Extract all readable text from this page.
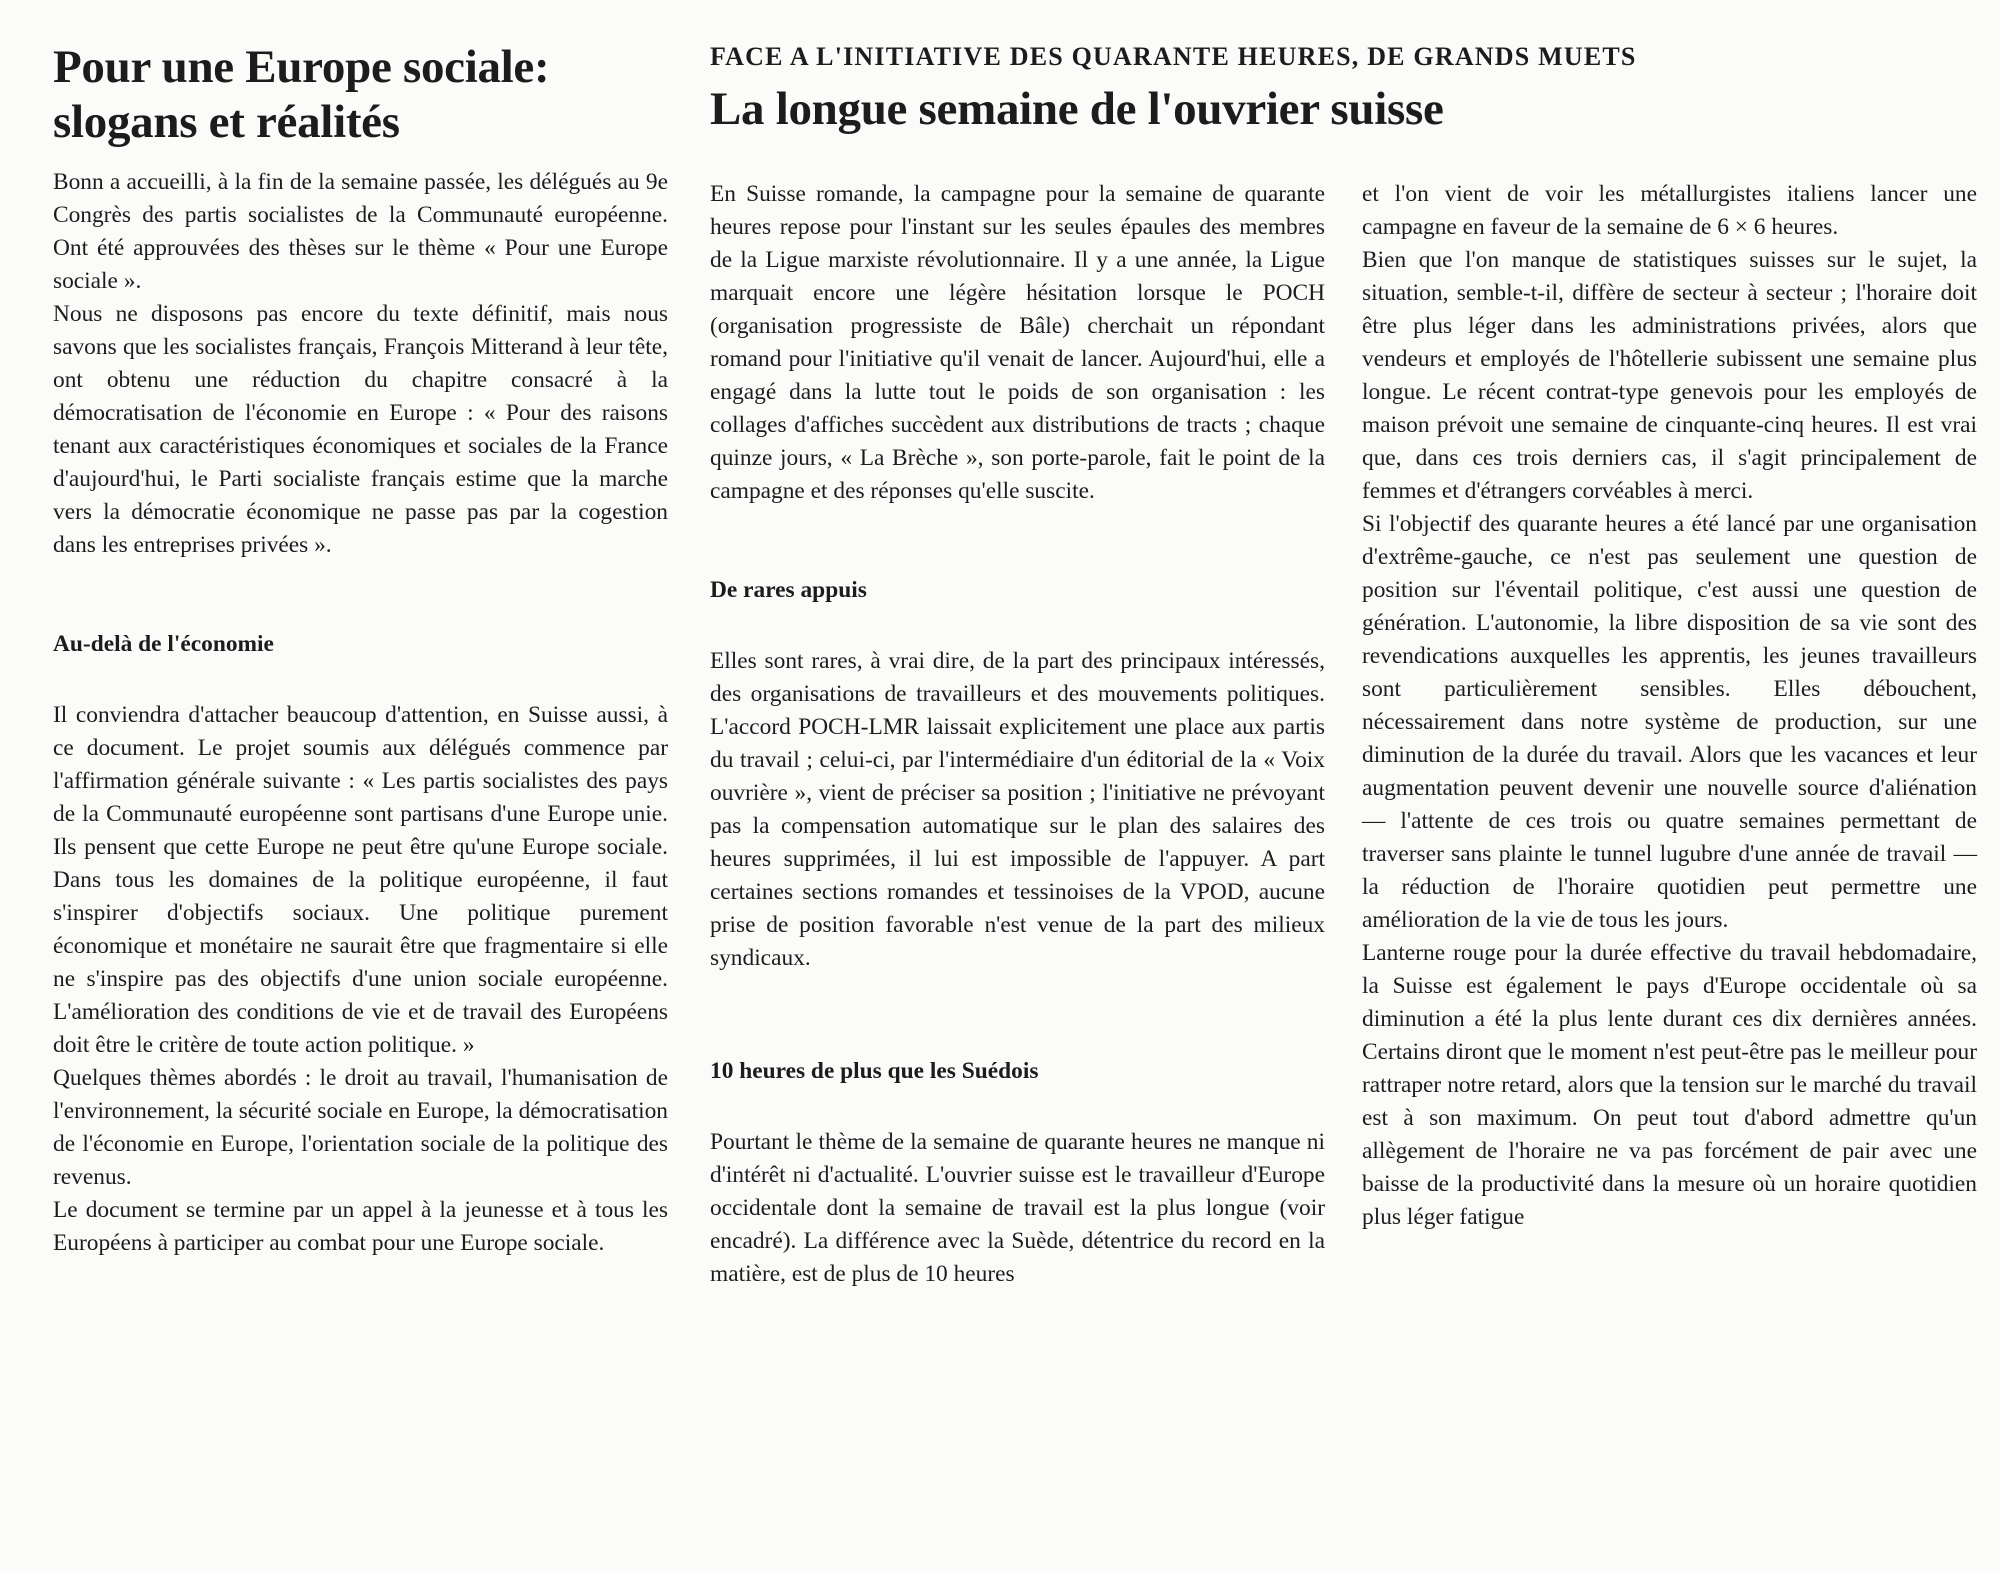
Pour une Europe sociale: slogans et réalités

Bonn a accueilli, à la fin de la semaine passée, les délégués au 9e Congrès des partis socialistes de la Communauté européenne. Ont été approuvées des thèses sur le thème « Pour une Europe sociale ».

Nous ne disposons pas encore du texte définitif, mais nous savons que les socialistes français, François Mitterand à leur tête, ont obtenu une réduction du chapitre consacré à la démocratisation de l'économie en Europe : « Pour des raisons tenant aux caractéristiques économiques et sociales de la France d'aujourd'hui, le Parti socialiste français estime que la marche vers la démocratie économique ne passe pas par la cogestion dans les entreprises privées ».

Au-delà de l'économie

Il conviendra d'attacher beaucoup d'attention, en Suisse aussi, à ce document. Le projet soumis aux délégués commence par l'affirmation générale suivante : « Les partis socialistes des pays de la Communauté européenne sont partisans d'une Europe unie. Ils pensent que cette Europe ne peut être qu'une Europe sociale. Dans tous les domaines de la politique européenne, il faut s'inspirer d'objectifs sociaux. Une politique purement économique et monétaire ne saurait être que fragmentaire si elle ne s'inspire pas des objectifs d'une union sociale européenne. L'amélioration des conditions de vie et de travail des Européens doit être le critère de toute action politique. »

Quelques thèmes abordés : le droit au travail, l'humanisation de l'environnement, la sécurité sociale en Europe, la démocratisation de l'économie en Europe, l'orientation sociale de la politique des revenus.

Le document se termine par un appel à la jeunesse et à tous les Européens à participer au combat pour une Europe sociale.

FACE A L'INITIATIVE DES QUARANTE HEURES, DE GRANDS MUETS
La longue semaine de l'ouvrier suisse

En Suisse romande, la campagne pour la semaine de quarante heures repose pour l'instant sur les seules épaules des membres de la Ligue marxiste révolutionnaire. Il y a une année, la Ligue marquait encore une légère hésitation lorsque le POCH (organisation progressiste de Bâle) cherchait un répondant romand pour l'initiative qu'il venait de lancer. Aujourd'hui, elle a engagé dans la lutte tout le poids de son organisation : les collages d'affiches succèdent aux distributions de tracts ; chaque quinze jours, « La Brèche », son porte-parole, fait le point de la campagne et des réponses qu'elle suscite.

De rares appuis

Elles sont rares, à vrai dire, de la part des principaux intéressés, des organisations de travailleurs et des mouvements politiques. L'accord POCH-LMR laissait explicitement une place aux partis du travail ; celui-ci, par l'intermédiaire d'un éditorial de la « Voix ouvrière », vient de préciser sa position ; l'initiative ne prévoyant pas la compensation automatique sur le plan des salaires des heures supprimées, il lui est impossible de l'appuyer. A part certaines sections romandes et tessinoises de la VPOD, aucune prise de position favorable n'est venue de la part des milieux syndicaux.

10 heures de plus que les Suédois

Pourtant le thème de la semaine de quarante heures ne manque ni d'intérêt ni d'actualité. L'ouvrier suisse est le travailleur d'Europe occidentale dont la semaine de travail est la plus longue (voir encadré). La différence avec la Suède, détentrice du record en la matière, est de plus de 10 heures

et l'on vient de voir les métallurgistes italiens lancer une campagne en faveur de la semaine de 6 × 6 heures.

Bien que l'on manque de statistiques suisses sur le sujet, la situation, semble-t-il, diffère de secteur à secteur ; l'horaire doit être plus léger dans les administrations privées, alors que vendeurs et employés de l'hôtellerie subissent une semaine plus longue. Le récent contrat-type genevois pour les employés de maison prévoit une semaine de cinquante-cinq heures. Il est vrai que, dans ces trois derniers cas, il s'agit principalement de femmes et d'étrangers corvéables à merci.

Si l'objectif des quarante heures a été lancé par une organisation d'extrême-gauche, ce n'est pas seulement une question de position sur l'éventail politique, c'est aussi une question de génération. L'autonomie, la libre disposition de sa vie sont des revendications auxquelles les apprentis, les jeunes travailleurs sont particulièrement sensibles. Elles débouchent, nécessairement dans notre système de production, sur une diminution de la durée du travail. Alors que les vacances et leur augmentation peuvent devenir une nouvelle source d'aliénation — l'attente de ces trois ou quatre semaines permettant de traverser sans plainte le tunnel lugubre d'une année de travail — la réduction de l'horaire quotidien peut permettre une amélioration de la vie de tous les jours.

Lanterne rouge pour la durée effective du travail hebdomadaire, la Suisse est également le pays d'Europe occidentale où sa diminution a été la plus lente durant ces dix dernières années. Certains diront que le moment n'est peut-être pas le meilleur pour rattraper notre retard, alors que la tension sur le marché du travail est à son maximum. On peut tout d'abord admettre qu'un allègement de l'horaire ne va pas forcément de pair avec une baisse de la productivité dans la mesure où un horaire quotidien plus léger fatigue
